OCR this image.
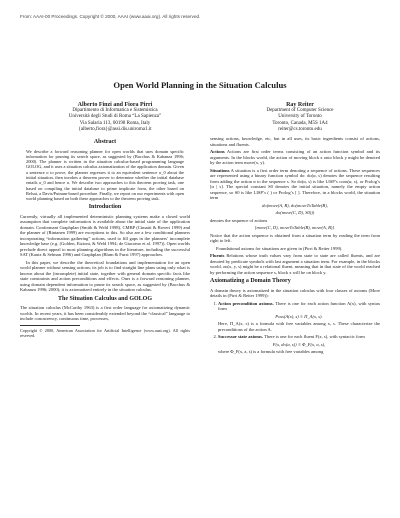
From: AAAI-00 Proceedings. Copyright © 2000, AAAI (www.aaai.org). All rights reserved.
Open World Planning in the Situation Calculus
Alberto Finzi and Fiora Pirri
Dipartimento di Informatica e Sistemistica
Università degli Studi di Roma “La Sapienza”
Via Salaria 113, 00198 Roma, Italy
{alberto,fiora}@assi.dis.uniroma1.it
Ray Reiter
Department of Computer Science
University of Toronto
Toronto, Canada, M5S 1A4
reiter@cs.toronto.edu
Abstract
We describe a forward reasoning planner for open worlds that uses domain specific information for pruning its search space, as suggested by (Bacchus & Kabanza 1996; 2000). The planner is written in the situation calculus-based programming language GOLOG, and it uses a situation calculus axiomatization of the application domain. Given a sentence σ to prove, the planner regresses it to an equivalent sentence σ_0 about the initial situation, then invokes a theorem prover to determine whether the initial database entails σ_0 and hence σ. We describe two approaches to this theorem proving task, one based on compiling the initial database to prime implicate form, the other based on Relsat, a Davis/Putnam-based procedure. Finally, we report on our experiments with open world planning based on both these approaches to the theorem proving task.
Introduction

Currently, virtually all implemented deterministic planning systems make a closed world assumption that complete information is available about the initial state of the application domain. Conformant Graphplan (Smith & Weld 1998), CMBP (Cimatti & Roveri 1999) and the planner of (Rintanen 1999) are exceptions to this. So also are a few conditional planners incorporating “information gathering” actions, used to fill gaps in the planners’ incomplete knowledge base (e.g. (Golden, Etzioni, & Weld 1994; de Giacomo et al. 1997)). Open worlds preclude direct appeal to most planning algorithms in the literature, including the successful SAT (Kautz & Selman 1996) and Graphplan (Blum & Furst 1997) approaches.

In this paper, we describe the theoretical foundations and implementation for an open world planner without sensing actions; its job is to find straight line plans using only what is known about the (incomplete) initial state, together with general domain specific facts like state constraints and action preconditions and effects. Ours is a forward reasoning planner, using domain dependent information to prune its search space, as suggested by (Bacchus & Kabanza 1996; 2000); it is axiomatized entirely in the situation calculus.

The Situation Calculus and GOLOG

The situation calculus (McCarthy 1963) is a first order language for axiomatizing dynamic worlds. In recent years, it has been considerably extended beyond the “classical” language to include concurrency, continuous time, processes,

Copyright © 2000, American Association for Artificial Intelligence (www.aaai.org). All rights reserved.

sensing actions, knowledge, etc, but in all uses, its basic ingredients consist of actions, situations and fluents.

Actions Actions are first order terms consisting of an action function symbol and its arguments. In the blocks world, the action of moving block x onto block y might be denoted by the action term move(x, y).

Situations A situation is a first order term denoting a sequence of actions. These sequences are represented using a binary function symbol do: do(α, s) denotes the sequence resulting from adding the action α to the sequence s. So do(α, s) is like LISP’s cons(α, s), or Prolog’s [α | s]. The special constant S0 denotes the initial situation, namely the empty action sequence, so S0 is like LISP’s ( ) or Prolog’s [ ]. Therefore, in a blocks world, the situation term

do(move(A, B), do(moveToTable(B),
do(move(C, D), S0)))

denotes the sequence of actions

[move(C, D), moveToTable(B), move(A, B)].

Notice that the action sequence is obtained from a situation term by reading the term from right to left.

Foundational axioms for situations are given in (Pirri & Reiter 1999).

Fluents Relations whose truth values vary from state to state are called fluents, and are denoted by predicate symbols with last argument a situation term. For example, in the blocks world, on(x, y, s) might be a relational fluent, meaning that in that state of the world reached by performing the action sequence s, block x will be on block y.

Axiomatizing a Domain Theory

A domain theory is axiomatized in the situation calculus with four classes of axioms (More details in (Pirri & Reiter 1999)):

1. Action precondition axioms. There is one for each action function A(x), with syntax form
Poss(A(x), s) ≡ Π_A(x, s).
Here, Π_A(x, s) is a formula with free variables among x, s. These characterize the preconditions of the action A.
2. Successor state axioms. There is one for each fluent F(x, s), with syntactic form
F(x, do(a, s)) ≡ Φ_F(x, a, s),
where Φ_F(x, a, s) is a formula with free variables among
